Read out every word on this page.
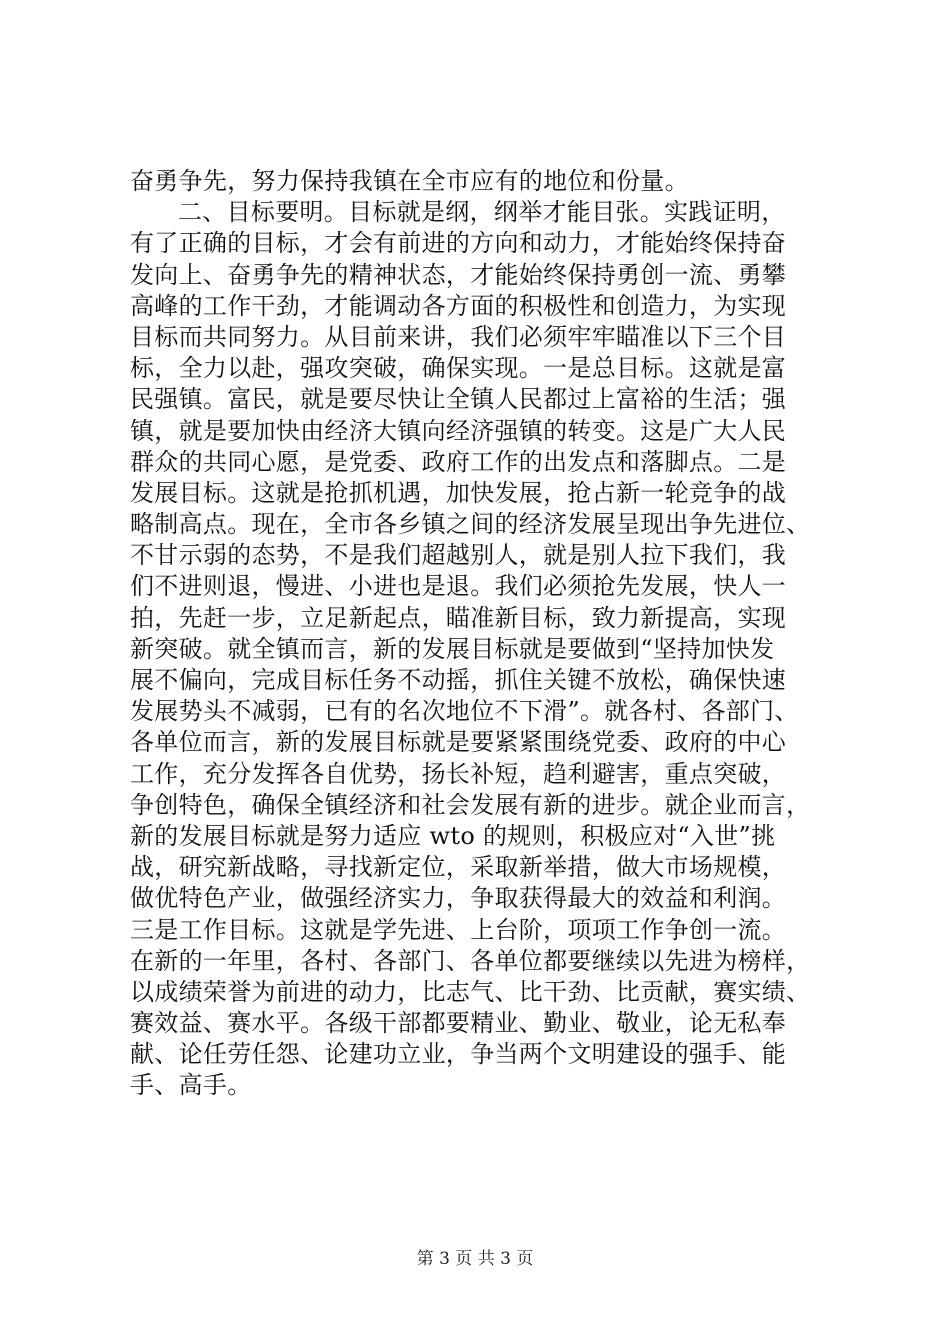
奋勇争先，努力保持我镇在全市应有的地位和份量。
二、目标要明。目标就是纲，纲举才能目张。实践证明，
有了正确的目标，才会有前进的方向和动力，才能始终保持奋
发向上、奋勇争先的精神状态，才能始终保持勇创一流、勇攀
高峰的工作干劲，才能调动各方面的积极性和创造力，为实现
目标而共同努力。从目前来讲，我们必须牢牢瞄准以下三个目
标，全力以赴，强攻突破，确保实现。一是总目标。这就是富
民强镇。富民，就是要尽快让全镇人民都过上富裕的生活；强
镇，就是要加快由经济大镇向经济强镇的转变。这是广大人民
群众的共同心愿，是党委、政府工作的出发点和落脚点。二是
发展目标。这就是抢抓机遇，加快发展，抢占新一轮竞争的战
略制高点。现在，全市各乡镇之间的经济发展呈现出争先进位、
不甘示弱的态势，不是我们超越别人，就是别人拉下我们，我
们不进则退，慢进、小进也是退。我们必须抢先发展，快人一
拍，先赶一步，立足新起点，瞄准新目标，致力新提高，实现
新突破。就全镇而言，新的发展目标就是要做到“坚持加快发
展不偏向，完成目标任务不动摇，抓住关键不放松，确保快速
发展势头不减弱，已有的名次地位不下滑”。就各村、各部门、
各单位而言，新的发展目标就是要紧紧围绕党委、政府的中心
工作，充分发挥各自优势，扬长补短，趋利避害，重点突破，
争创特色，确保全镇经济和社会发展有新的进步。就企业而言，
新的发展目标就是努力适应 wto 的规则，积极应对“入世”挑
战，研究新战略，寻找新定位，采取新举措，做大市场规模，
做优特色产业，做强经济实力，争取获得最大的效益和利润。
三是工作目标。这就是学先进、上台阶，项项工作争创一流。
在新的一年里，各村、各部门、各单位都要继续以先进为榜样，
以成绩荣誉为前进的动力，比志气、比干劲、比贡献，赛实绩、
赛效益、赛水平。各级干部都要精业、勤业、敬业，论无私奉
献、论任劳任怨、论建功立业，争当两个文明建设的强手、能
手、高手。
第 3 页 共 3 页
